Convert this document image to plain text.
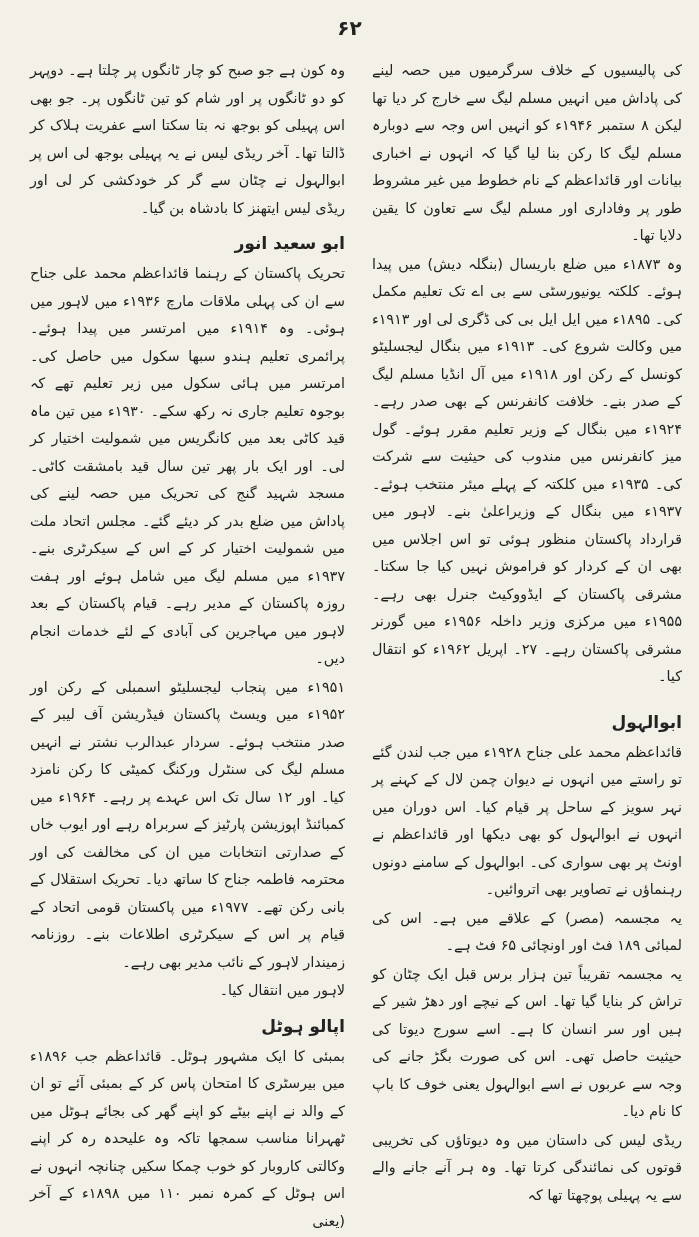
۶۲

کی پالیسیوں کے خلاف سرگرمیوں میں حصہ لینے کی پاداش میں انہیں مسلم لیگ سے خارج کر دیا تھا لیکن ۸ ستمبر ۱۹۴۶ء کو انہیں اس وجہ سے دوبارہ مسلم لیگ کا رکن بنا لیا گیا کہ انہوں نے اخباری بیانات اور قائداعظم کے نام خطوط میں غیر مشروط طور پر وفاداری اور مسلم لیگ سے تعاون کا یقین دلایا تھا۔

وہ ۱۸۷۳ء میں ضلع باریسال (بنگلہ دیش) میں پیدا ہوئے۔ کلکتہ یونیورسٹی سے بی اے تک تعلیم مکمل کی۔ ۱۸۹۵ء میں ایل ایل بی کی ڈگری لی اور ۱۹۱۳ء میں وکالت شروع کی۔ ۱۹۱۳ء میں بنگال لیجسلیٹو کونسل کے رکن اور ۱۹۱۸ء میں آل انڈیا مسلم لیگ کے صدر بنے۔ خلافت کانفرنس کے بھی صدر رہے۔ ۱۹۲۴ء میں بنگال کے وزیر تعلیم مقرر ہوئے۔ گول میز کانفرنس میں مندوب کی حیثیت سے شرکت کی۔ ۱۹۳۵ء میں کلکتہ کے پہلے میئر منتخب ہوئے۔ ۱۹۳۷ء میں بنگال کے وزیراعلیٰ بنے۔ لاہور میں قرارداد پاکستان منظور ہوئی تو اس اجلاس میں بھی ان کے کردار کو فراموش نہیں کیا جا سکتا۔ مشرقی پاکستان کے ایڈووکیٹ جنرل بھی رہے۔ ۱۹۵۵ء میں مرکزی وزیر داخلہ ۱۹۵۶ء میں گورنر مشرقی پاکستان رہے۔ ۲۷۔ اپریل ۱۹۶۲ء کو انتقال کیا۔

ابوالہول

قائداعظم محمد علی جناح ۱۹۲۸ء میں جب لندن گئے تو راستے میں انہوں نے دیوان چمن لال کے کہنے پر نہر سویز کے ساحل پر قیام کیا۔ اس دوران میں انہوں نے ابوالہول کو بھی دیکھا اور قائداعظم نے اونٹ پر بھی سواری کی۔ ابوالہول کے سامنے دونوں رہنماؤں نے تصاویر بھی اتروائیں۔

یہ مجسمہ (مصر) کے علاقے میں ہے۔ اس کی لمبائی ۱۸۹ فٹ اور اونچائی ۶۵ فٹ ہے۔

یہ مجسمہ تقریباً تین ہزار برس قبل ایک چٹان کو تراش کر بنایا گیا تھا۔ اس کے نیچے اور دھڑ شیر کے ہیں اور سر انسان کا ہے۔ اسے سورج دیوتا کی حیثیت حاصل تھی۔ اس کی صورت بگڑ جانے کی وجہ سے عربوں نے اسے ابوالہول یعنی خوف کا باپ کا نام دیا۔

ریڈی لیس کی داستان میں وہ دیوتاؤں کی تخریبی قوتوں کی نمائندگی کرتا تھا۔ وہ ہر آنے جانے والے سے یہ پہیلی پوچھتا تھا کہ

وہ کون ہے جو صبح کو چار ٹانگوں پر چلتا ہے۔ دوپہر کو دو ٹانگوں پر اور شام کو تین ٹانگوں پر۔ جو بھی اس پہیلی کو بوجھ نہ بتا سکتا اسے عفریت ہلاک کر ڈالتا تھا۔ آخر ریڈی لیس نے یہ پہیلی بوجھ لی اس پر ابوالہول نے چٹان سے گر کر خودکشی کر لی اور ریڈی لیس ایتھنز کا بادشاہ بن گیا۔

ابو سعید انور

تحریک پاکستان کے رہنما قائداعظم محمد علی جناح سے ان کی پہلی ملاقات مارچ ۱۹۳۶ء میں لاہور میں ہوئی۔ وہ ۱۹۱۴ء میں امرتسر میں پیدا ہوئے۔ پرائمری تعلیم ہندو سبھا سکول میں حاصل کی۔ امرتسر میں ہائی سکول میں زیر تعلیم تھے کہ بوجوہ تعلیم جاری نہ رکھ سکے۔ ۱۹۳۰ء میں تین ماہ قید کاٹی بعد میں کانگریس میں شمولیت اختیار کر لی۔ اور ایک بار پھر تین سال قید بامشقت کاٹی۔ مسجد شہید گنج کی تحریک میں حصہ لینے کی پاداش میں ضلع بدر کر دیئے گئے۔ مجلس اتحاد ملت میں شمولیت اختیار کر کے اس کے سیکرٹری بنے۔ ۱۹۳۷ء میں مسلم لیگ میں شامل ہوئے اور ہفت روزہ پاکستان کے مدیر رہے۔ قیام پاکستان کے بعد لاہور میں مہاجرین کی آبادی کے لئے خدمات انجام دیں۔

۱۹۵۱ء میں پنجاب لیجسلیٹو اسمبلی کے رکن اور ۱۹۵۲ء میں ویسٹ پاکستان فیڈریشن آف لیبر کے صدر منتخب ہوئے۔ سردار عبدالرب نشتر نے انہیں مسلم لیگ کی سنٹرل ورکنگ کمیٹی کا رکن نامزد کیا۔ اور ۱۲ سال تک اس عہدے پر رہے۔ ۱۹۶۴ء میں کمبائنڈ اپوزیشن پارٹیز کے سربراہ رہے اور ایوب خاں کے صدارتی انتخابات میں ان کی مخالفت کی اور محترمہ فاطمہ جناح کا ساتھ دیا۔ تحریک استقلال کے بانی رکن تھے۔ ۱۹۷۷ء میں پاکستان قومی اتحاد کے قیام پر اس کے سیکرٹری اطلاعات بنے۔ روزنامہ زمیندار لاہور کے نائب مدیر بھی رہے۔

لاہور میں انتقال کیا۔

اپالو ہوٹل

بمبئی کا ایک مشہور ہوٹل۔ قائداعظم جب ۱۸۹۶ء میں بیرسٹری کا امتحان پاس کر کے بمبئی آئے تو ان کے والد نے اپنے بیٹے کو اپنے گھر کی بجائے ہوٹل میں ٹھہرانا مناسب سمجھا تاکہ وہ علیحدہ رہ کر اپنے وکالتی کاروبار کو خوب چمکا سکیں چنانچہ انہوں نے اس ہوٹل کے کمرہ نمبر ۱۱۰ میں ۱۸۹۸ء کے آخر (یعنی
